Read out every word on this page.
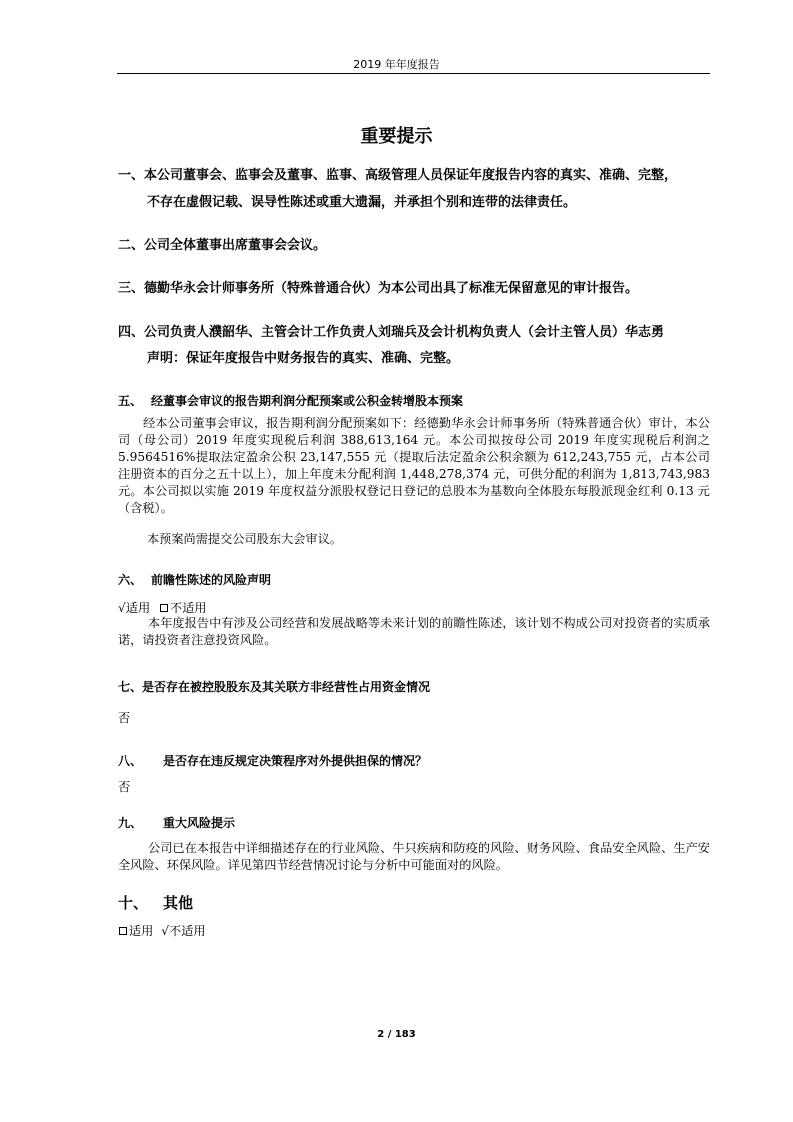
2019 年年度报告
重要提示
一、本公司董事会、监事会及董事、监事、高级管理人员保证年度报告内容的真实、准确、完整，
不存在虚假记载、误导性陈述或重大遗漏，并承担个别和连带的法律责任。
二、公司全体董事出席董事会会议。
三、德勤华永会计师事务所（特殊普通合伙）为本公司出具了标准无保留意见的审计报告。
四、公司负责人濮韶华、主管会计工作负责人刘瑞兵及会计机构负责人（会计主管人员）华志勇
声明：保证年度报告中财务报告的真实、准确、完整。
五、 经董事会审议的报告期利润分配预案或公积金转增股本预案
经本公司董事会审议，报告期利润分配预案如下：经德勤华永会计师事务所（特殊普通合伙）审计，本公司（母公司）2019 年度实现税后利润 388,613,164 元。本公司拟按母公司 2019 年度实现税后利润之 5.9564516%提取法定盈余公积 23,147,555 元（提取后法定盈余公积余额为 612,243,755 元，占本公司注册资本的百分之五十以上），加上年度未分配利润 1,448,278,374 元，可供分配的利润为 1,813,743,983 元。本公司拟以实施 2019 年度权益分派股权登记日登记的总股本为基数向全体股东每股派现金红利 0.13 元（含税）。
本预案尚需提交公司股东大会审议。
六、 前瞻性陈述的风险声明
√适用 不适用
本年度报告中有涉及公司经营和发展战略等未来计划的前瞻性陈述，该计划不构成公司对投资者的实质承诺，请投资者注意投资风险。
七、是否存在被控股股东及其关联方非经营性占用资金情况
否
八、 是否存在违反规定决策程序对外提供担保的情况？
否
九、 重大风险提示
公司已在本报告中详细描述存在的行业风险、牛只疾病和防疫的风险、财务风险、食品安全风险、生产安全风险、环保风险。详见第四节经营情况讨论与分析中可能面对的风险。
十、 其他
适用 √不适用
2 / 183
